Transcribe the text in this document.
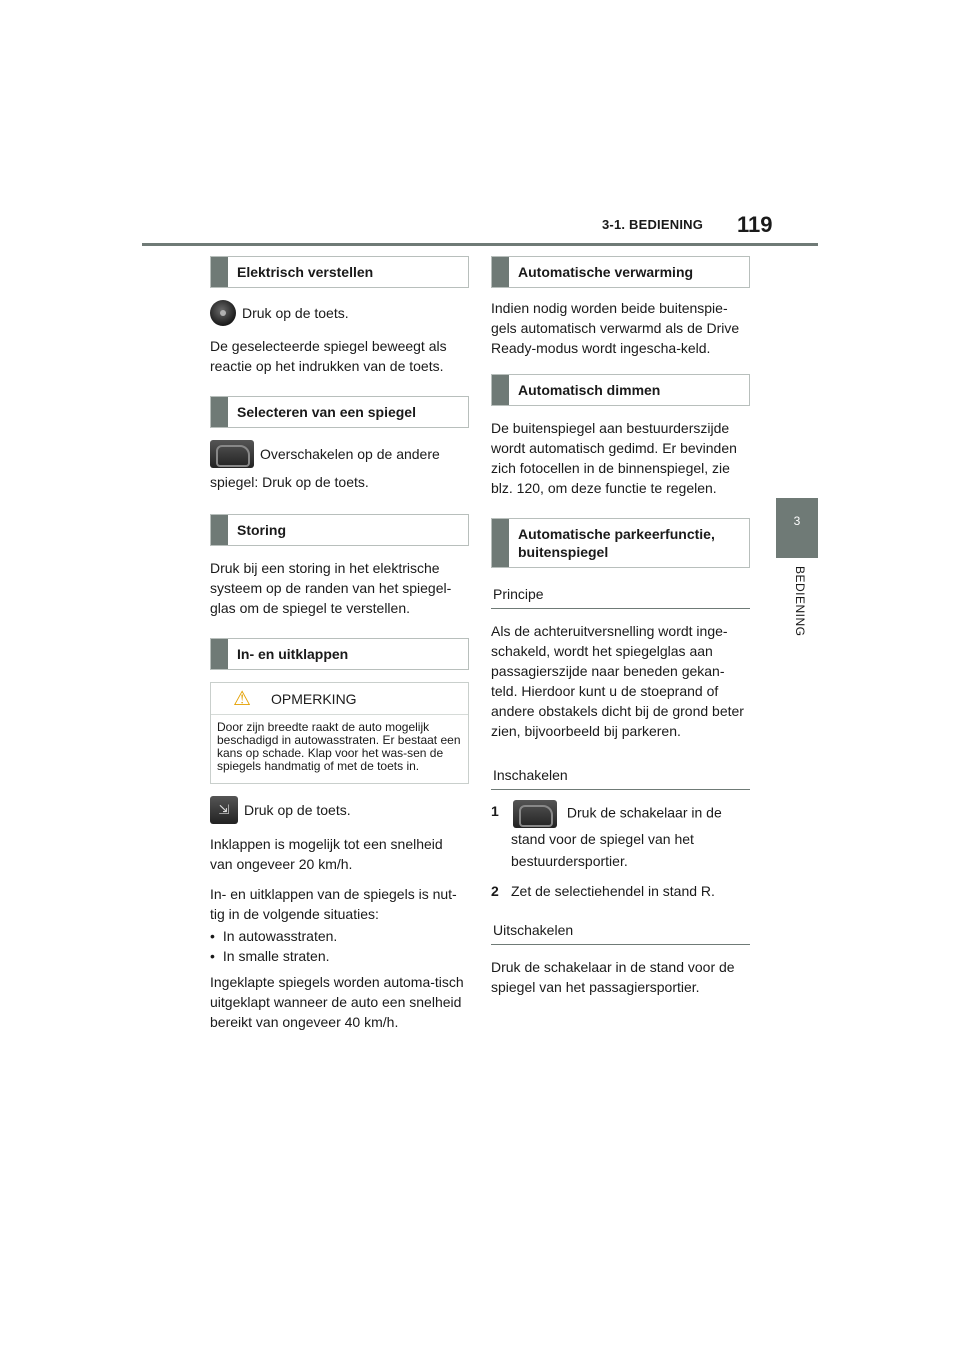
3-1. BEDIENING 119
3
BEDIENING
Elektrisch verstellen
Druk op de toets.

De geselecteerde spiegel beweegt als reactie op het indrukken van de toets.

Selecteren van een spiegel
Overschakelen op de andere

spiegel: Druk op de toets.

Storing

Druk bij een storing in het elektrische systeem op de randen van het spiegel-glas om de spiegel te verstellen.

In- en uitklappen
⚠	OPMERKING
Door zijn breedte raakt de auto mogelijk beschadigd in autowasstraten. Er bestaat een kans op schade. Klap voor het was-sen de spiegels handmatig of met de toets in.
⇲	Druk op de toets.

Inklappen is mogelijk tot een snelheid van ongeveer 20 km/h.

In- en uitklappen van de spiegels is nut-tig in de volgende situaties:

• In autowasstraten.
• In smalle straten.

Ingeklapte spiegels worden automa-tisch uitgeklapt wanneer de auto een snelheid bereikt van ongeveer 40 km/h.

Automatische verwarming

Indien nodig worden beide buitenspie-gels automatisch verwarmd als de Drive Ready-modus wordt ingescha-keld.

Automatisch dimmen

De buitenspiegel aan bestuurderszijde wordt automatisch gedimd. Er bevinden zich fotocellen in de binnenspiegel, zie blz. 120, om deze functie te regelen.

Automatische parkeerfunctie, buitenspiegel
Principe

Als de achteruitversnelling wordt inge-schakeld, wordt het spiegelglas aan passagierszijde naar beneden gekan-teld. Hierdoor kunt u de stoeprand of andere obstakels dicht bij de grond beter zien, bijvoorbeeld bij parkeren.

Inschakelen
1	Druk de schakelaar in de stand voor de spiegel van het bestuurdersportier.
2 Zet de selectiehendel in stand R.
Uitschakelen

Druk de schakelaar in de stand voor de spiegel van het passagiersportier.
